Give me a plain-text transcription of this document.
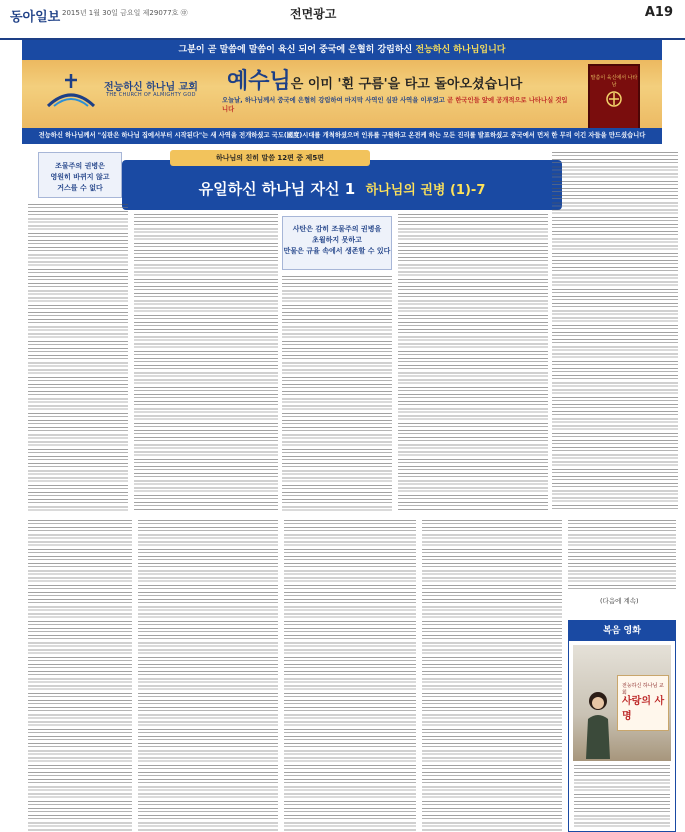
동아일보 2015년 1월 30일 금요일 제29077호 ㊥	전면광고	A19
그분이 곧 말씀에 말씀이 육신 되어 중국에 은혈히 강림하신 전능하신 하나님입니다
전능하신 하나님 교회
THE CHURCH OF ALMIGHTY GOD
예수님은 이미 '흰 구름'을 타고 돌아오셨습니다
오늘날, 하나님께서 중국에 은혈히 강림하여 마지막 사역인 심판 사역을 이루었고 곧 한국인들 앞에 공개적으로 나타나실 것입니다
말씀이 육신에서 나타남
전능하신 하나님께서 "심판은 하나님 집에서부터 시작된다"는 새 사역을 전개하셨고 국도(國度)시대를 개척하셨으며 인류를 구원하고 온전케 하는 모든 진리를 발표하셨고 중국에서 먼저 한 무리 이긴 자들을 만드셨습니다
유일하신 하나님 자신 1 하나님의 권병 (1)-7
하나님의 친히 말씀 12편 중 제5편
조물주의 권병은
영원히 바뀌지 않고
거스를 수 없다
사탄은 감히 조물주의 권병을
초월하지 못하고
만물은 규율 속에서 생존할 수 있다
(다음에 계속)
복음 영화
전능하신 하나님 교회
사랑의 사명
